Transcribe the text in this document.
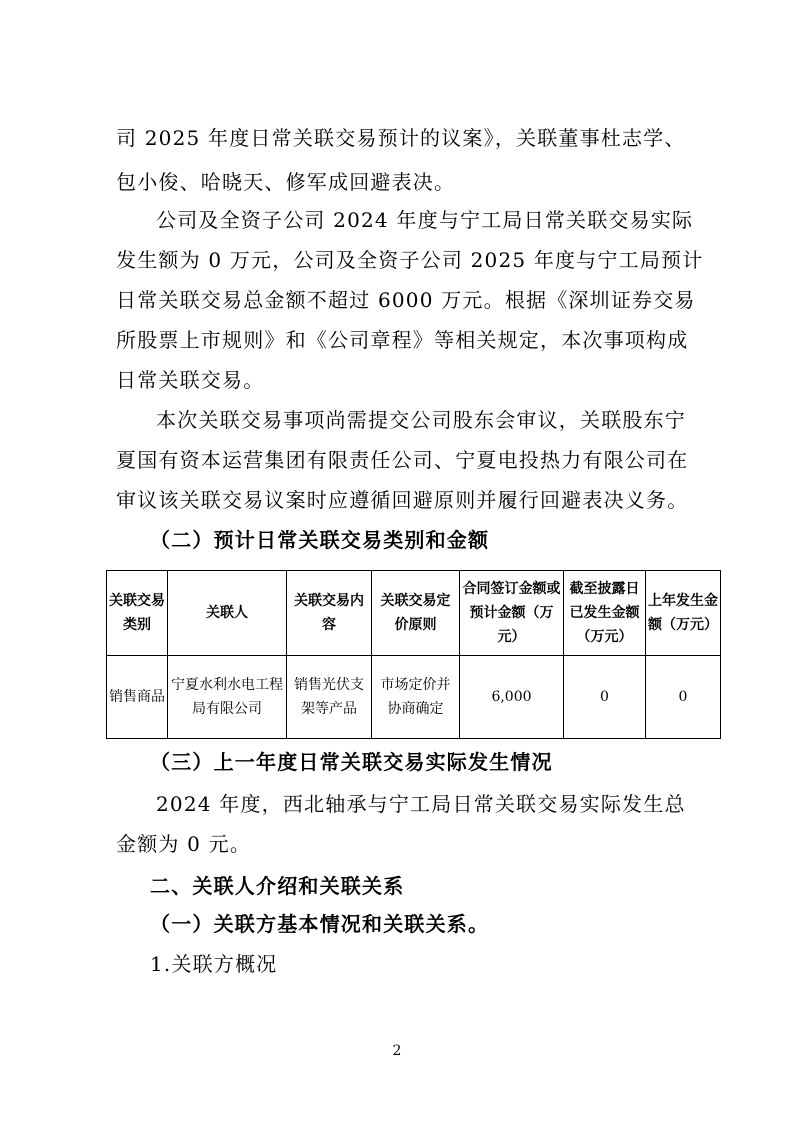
司 2025 年度日常关联交易预计的议案》，关联董事杜志学、
包小俊、哈晓天、修军成回避表决。
公司及全资子公司 2024 年度与宁工局日常关联交易实际
发生额为 0 万元，公司及全资子公司 2025 年度与宁工局预计
日常关联交易总金额不超过 6000 万元。根据《深圳证券交易
所股票上市规则》和《公司章程》等相关规定，本次事项构成
日常关联交易。
本次关联交易事项尚需提交公司股东会审议，关联股东宁
夏国有资本运营集团有限责任公司、宁夏电投热力有限公司在
审议该关联交易议案时应遵循回避原则并履行回避表决义务。
（二）预计日常关联交易类别和金额
关联交易类别	关联人	关联交易内容	关联交易定价原则	合同签订金额或预计金额（万元）	截至披露日已发生金额（万元）	上年发生金额（万元）
销售商品	宁夏水利水电工程局有限公司	销售光伏支架等产品	市场定价并协商确定	6,000	0	0
（三）上一年度日常关联交易实际发生情况
2024 年度，西北轴承与宁工局日常关联交易实际发生总
金额为 0 元。
二、关联人介绍和关联关系
（一）关联方基本情况和关联关系。
1.关联方概况
2
